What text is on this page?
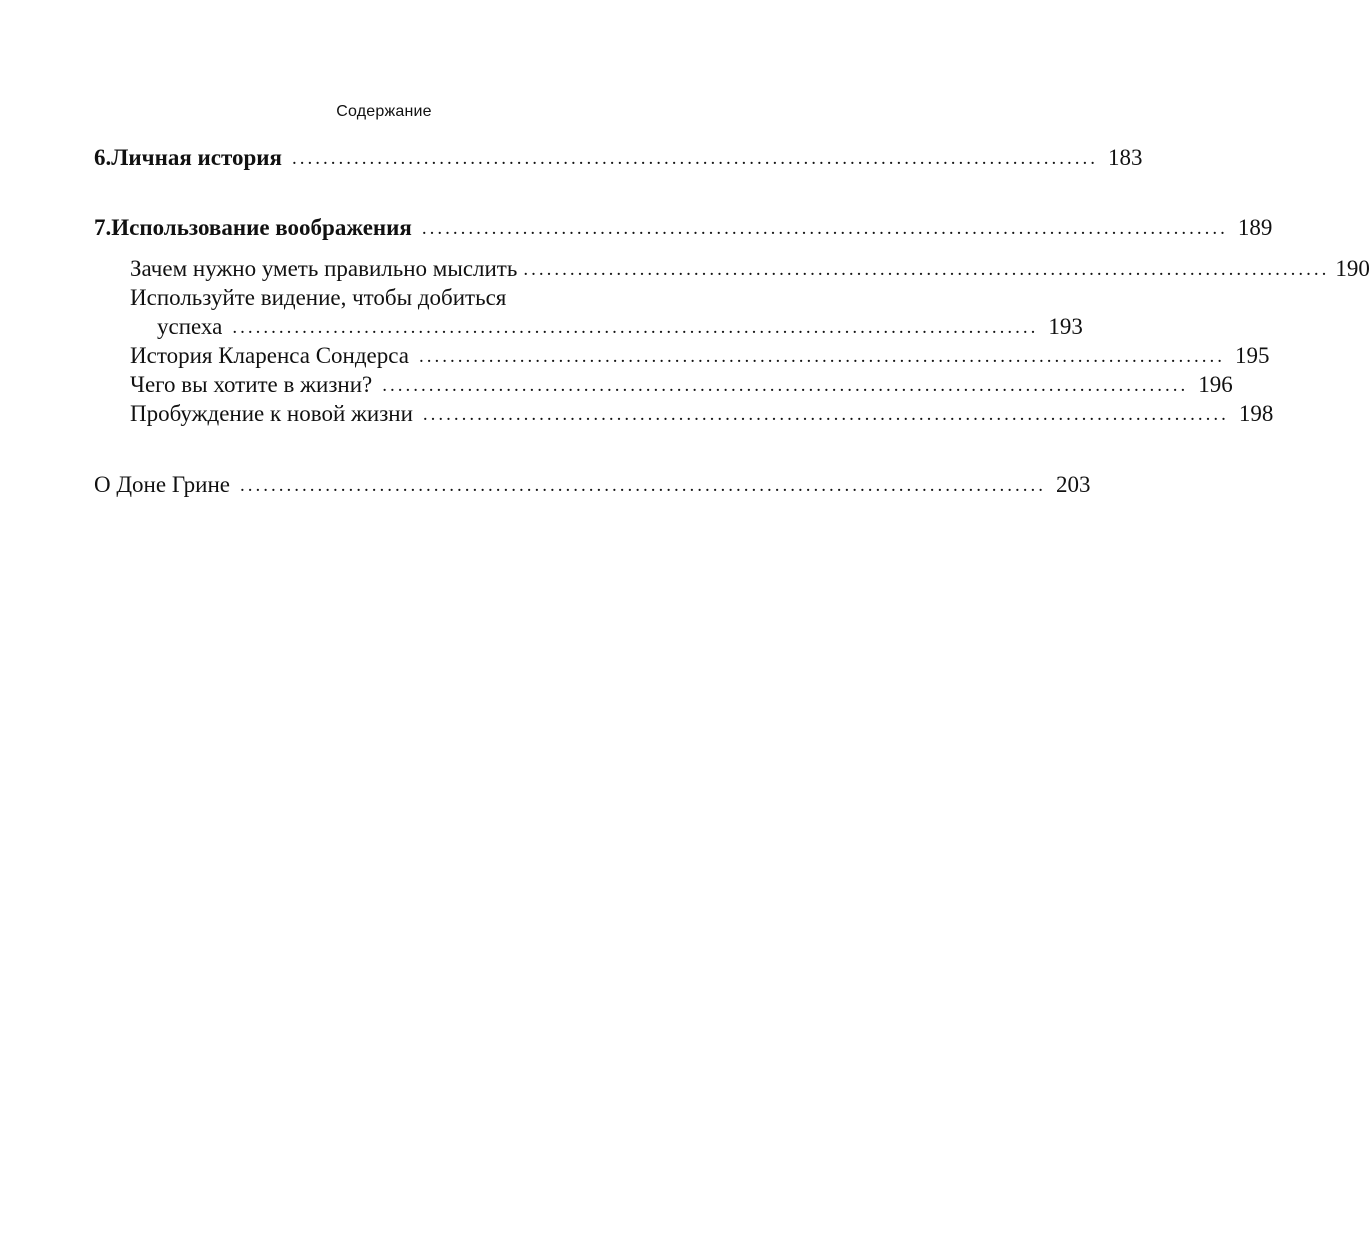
Содержание
6. Личная история ........................................................................................................ 183
7. Использование воображения ........................................................................................................ 189
Зачем нужно уметь правильно мыслить ........................................................................................................ 190
Используйте видение, чтобы добиться
успеха ........................................................................................................ 193
История Кларенса Сондерса ........................................................................................................ 195
Чего вы хотите в жизни? ........................................................................................................ 196
Пробуждение к новой жизни ........................................................................................................ 198
О Доне Грине ........................................................................................................ 203
